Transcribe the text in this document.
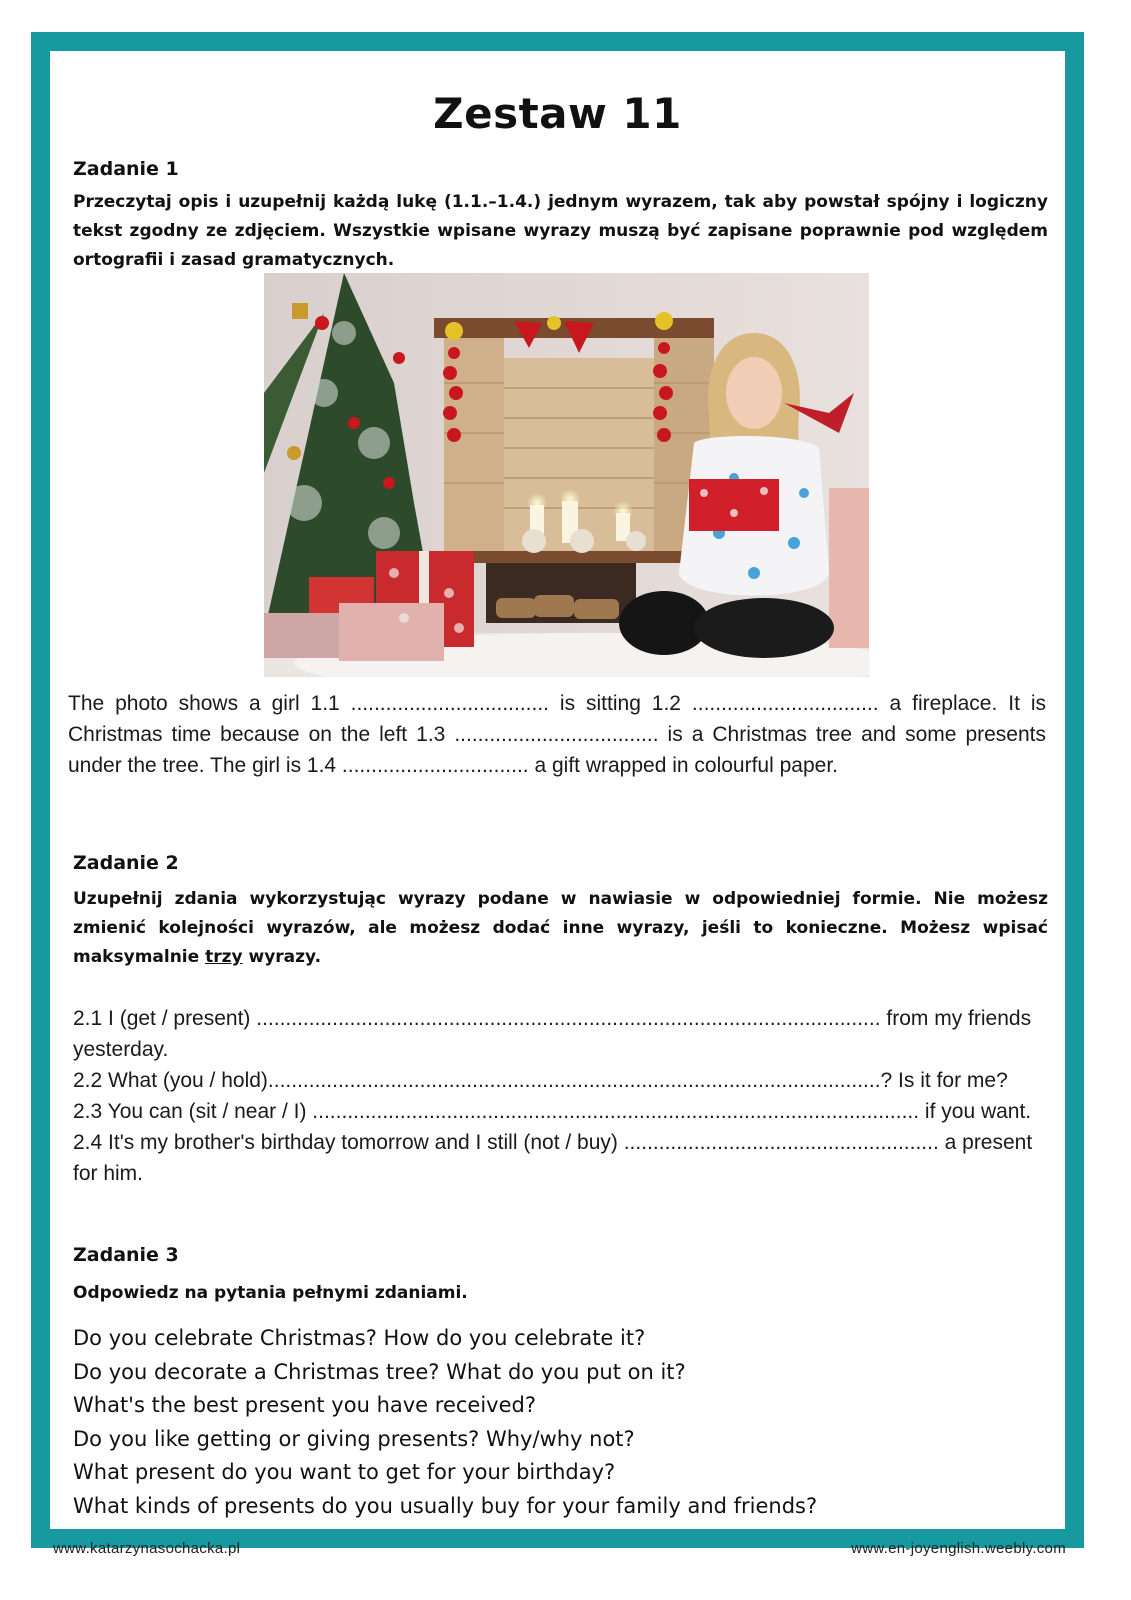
Zestaw 11
Zadanie 1
Przeczytaj opis i uzupełnij każdą lukę (1.1.–1.4.) jednym wyrazem, tak aby powstał spójny i logiczny tekst zgodny ze zdjęciem. Wszystkie wpisane wyrazy muszą być zapisane poprawnie pod względem ortografii i zasad gramatycznych.
The photo shows a girl 1.1 .................................. is sitting 1.2 ................................ a fireplace. It is Christmas time because on the left 1.3 ................................... is a Christmas tree and some presents under the tree. The girl is 1.4 ................................ a gift wrapped in colourful paper.
Zadanie 2
Uzupełnij zdania wykorzystując wyrazy podane w nawiasie w odpowiedniej formie. Nie możesz zmienić kolejności wyrazów, ale możesz dodać inne wyrazy, jeśli to konieczne. Możesz wpisać maksymalnie trzy wyrazy.
2.1 I (get / present) ........................................................................................................... from my friends yesterday.
2.2 What (you / hold).........................................................................................................? Is it for me?
2.3 You can (sit / near / I) ........................................................................................................ if you want.
2.4 It's my brother's birthday tomorrow and I still (not / buy) ...................................................... a present for him.
Zadanie 3
Odpowiedz na pytania pełnymi zdaniami.
Do you celebrate Christmas? How do you celebrate it?
Do you decorate a Christmas tree? What do you put on it?
What's the best present you have received?
Do you like getting or giving presents? Why/why not?
What present do you want to get for your birthday?
What kinds of presents do you usually buy for your family and friends?
www.katarzynasochacka.pl	www.en-joyenglish.weebly.com
